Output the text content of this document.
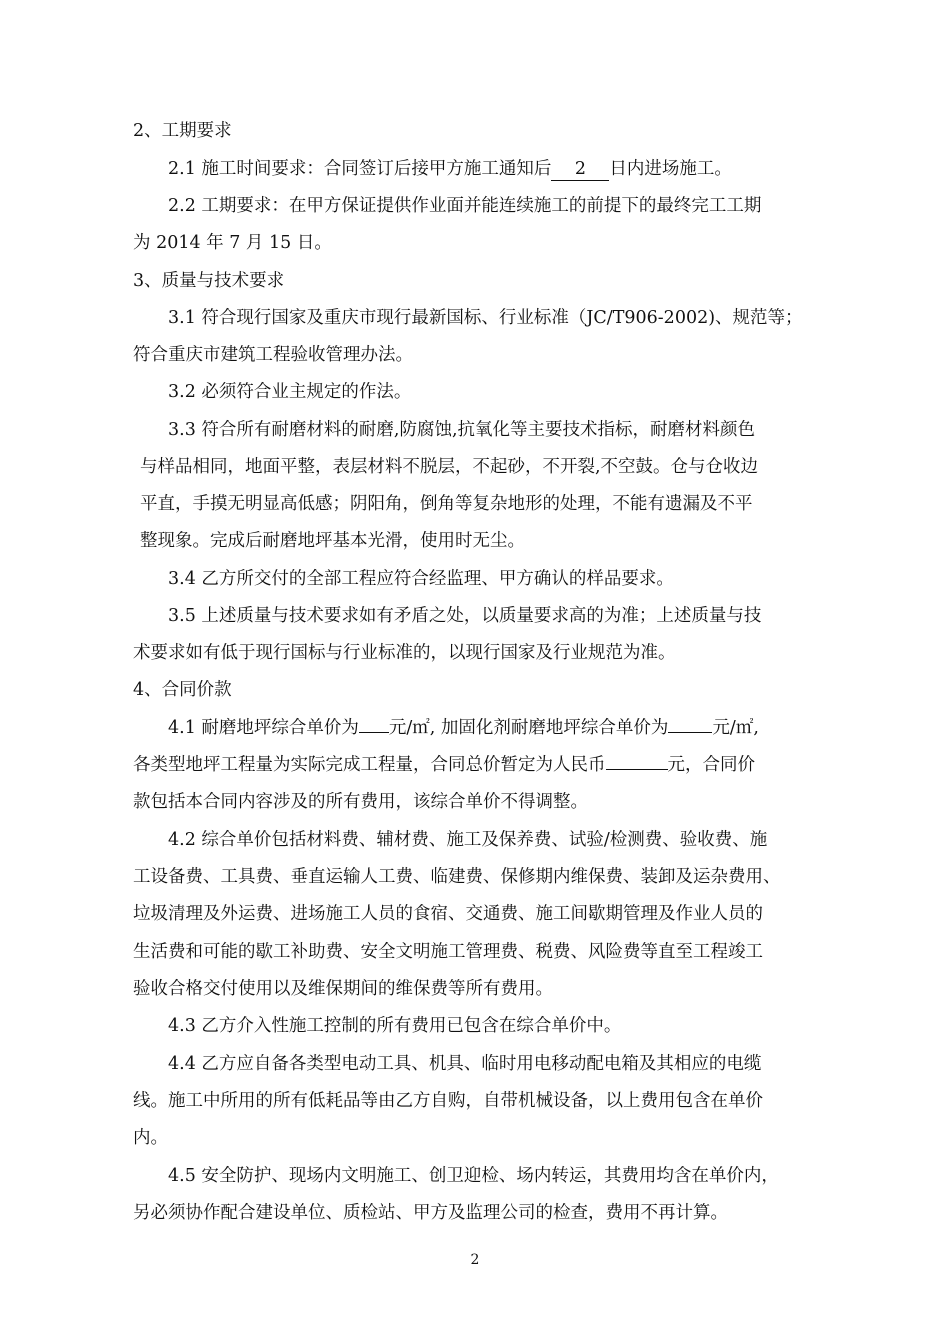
2、工期要求
2.1 施工时间要求：合同签订后接甲方施工通知后 2 日内进场施工。
2.2 工期要求：在甲方保证提供作业面并能连续施工的前提下的最终完工工期
为 2014 年 7 月 15 日。
3、质量与技术要求
3.1 符合现行国家及重庆市现行最新国标、行业标准（JC/T906-2002)、规范等；
符合重庆市建筑工程验收管理办法。
3.2 必须符合业主规定的作法。
3.3 符合所有耐磨材料的耐磨,防腐蚀,抗氧化等主要技术指标，耐磨材料颜色
与样品相同，地面平整，表层材料不脱层，不起砂，不开裂,不空鼓。仓与仓收边
平直，手摸无明显高低感；阴阳角，倒角等复杂地形的处理，不能有遗漏及不平
整现象。完成后耐磨地坪基本光滑，使用时无尘。
3.4 乙方所交付的全部工程应符合经监理、甲方确认的样品要求。
3.5 上述质量与技术要求如有矛盾之处，以质量要求高的为准；上述质量与技
术要求如有低于现行国标与行业标准的，以现行国家及行业规范为准。
4、合同价款
4.1 耐磨地坪综合单价为 元/㎡, 加固化剂耐磨地坪综合单价为	元/㎡,
各类型地坪工程量为实际完成工程量，合同总价暂定为人民币	元，合同价
款包括本合同内容涉及的所有费用，该综合单价不得调整。
4.2 综合单价包括材料费、辅材费、施工及保养费、试验/检测费、验收费、施
工设备费、工具费、垂直运输人工费、临建费、保修期内维保费、装卸及运杂费用、
垃圾清理及外运费、进场施工人员的食宿、交通费、施工间歇期管理及作业人员的
生活费和可能的歇工补助费、安全文明施工管理费、税费、风险费等直至工程竣工
验收合格交付使用以及维保期间的维保费等所有费用。
4.3 乙方介入性施工控制的所有费用已包含在综合单价中。
4.4 乙方应自备各类型电动工具、机具、临时用电移动配电箱及其相应的电缆
线。施工中所用的所有低耗品等由乙方自购，自带机械设备，以上费用包含在单价
内。
4.5 安全防护、现场内文明施工、创卫迎检、场内转运，其费用均含在单价内，
另必须协作配合建设单位、质检站、甲方及监理公司的检查，费用不再计算。
2
